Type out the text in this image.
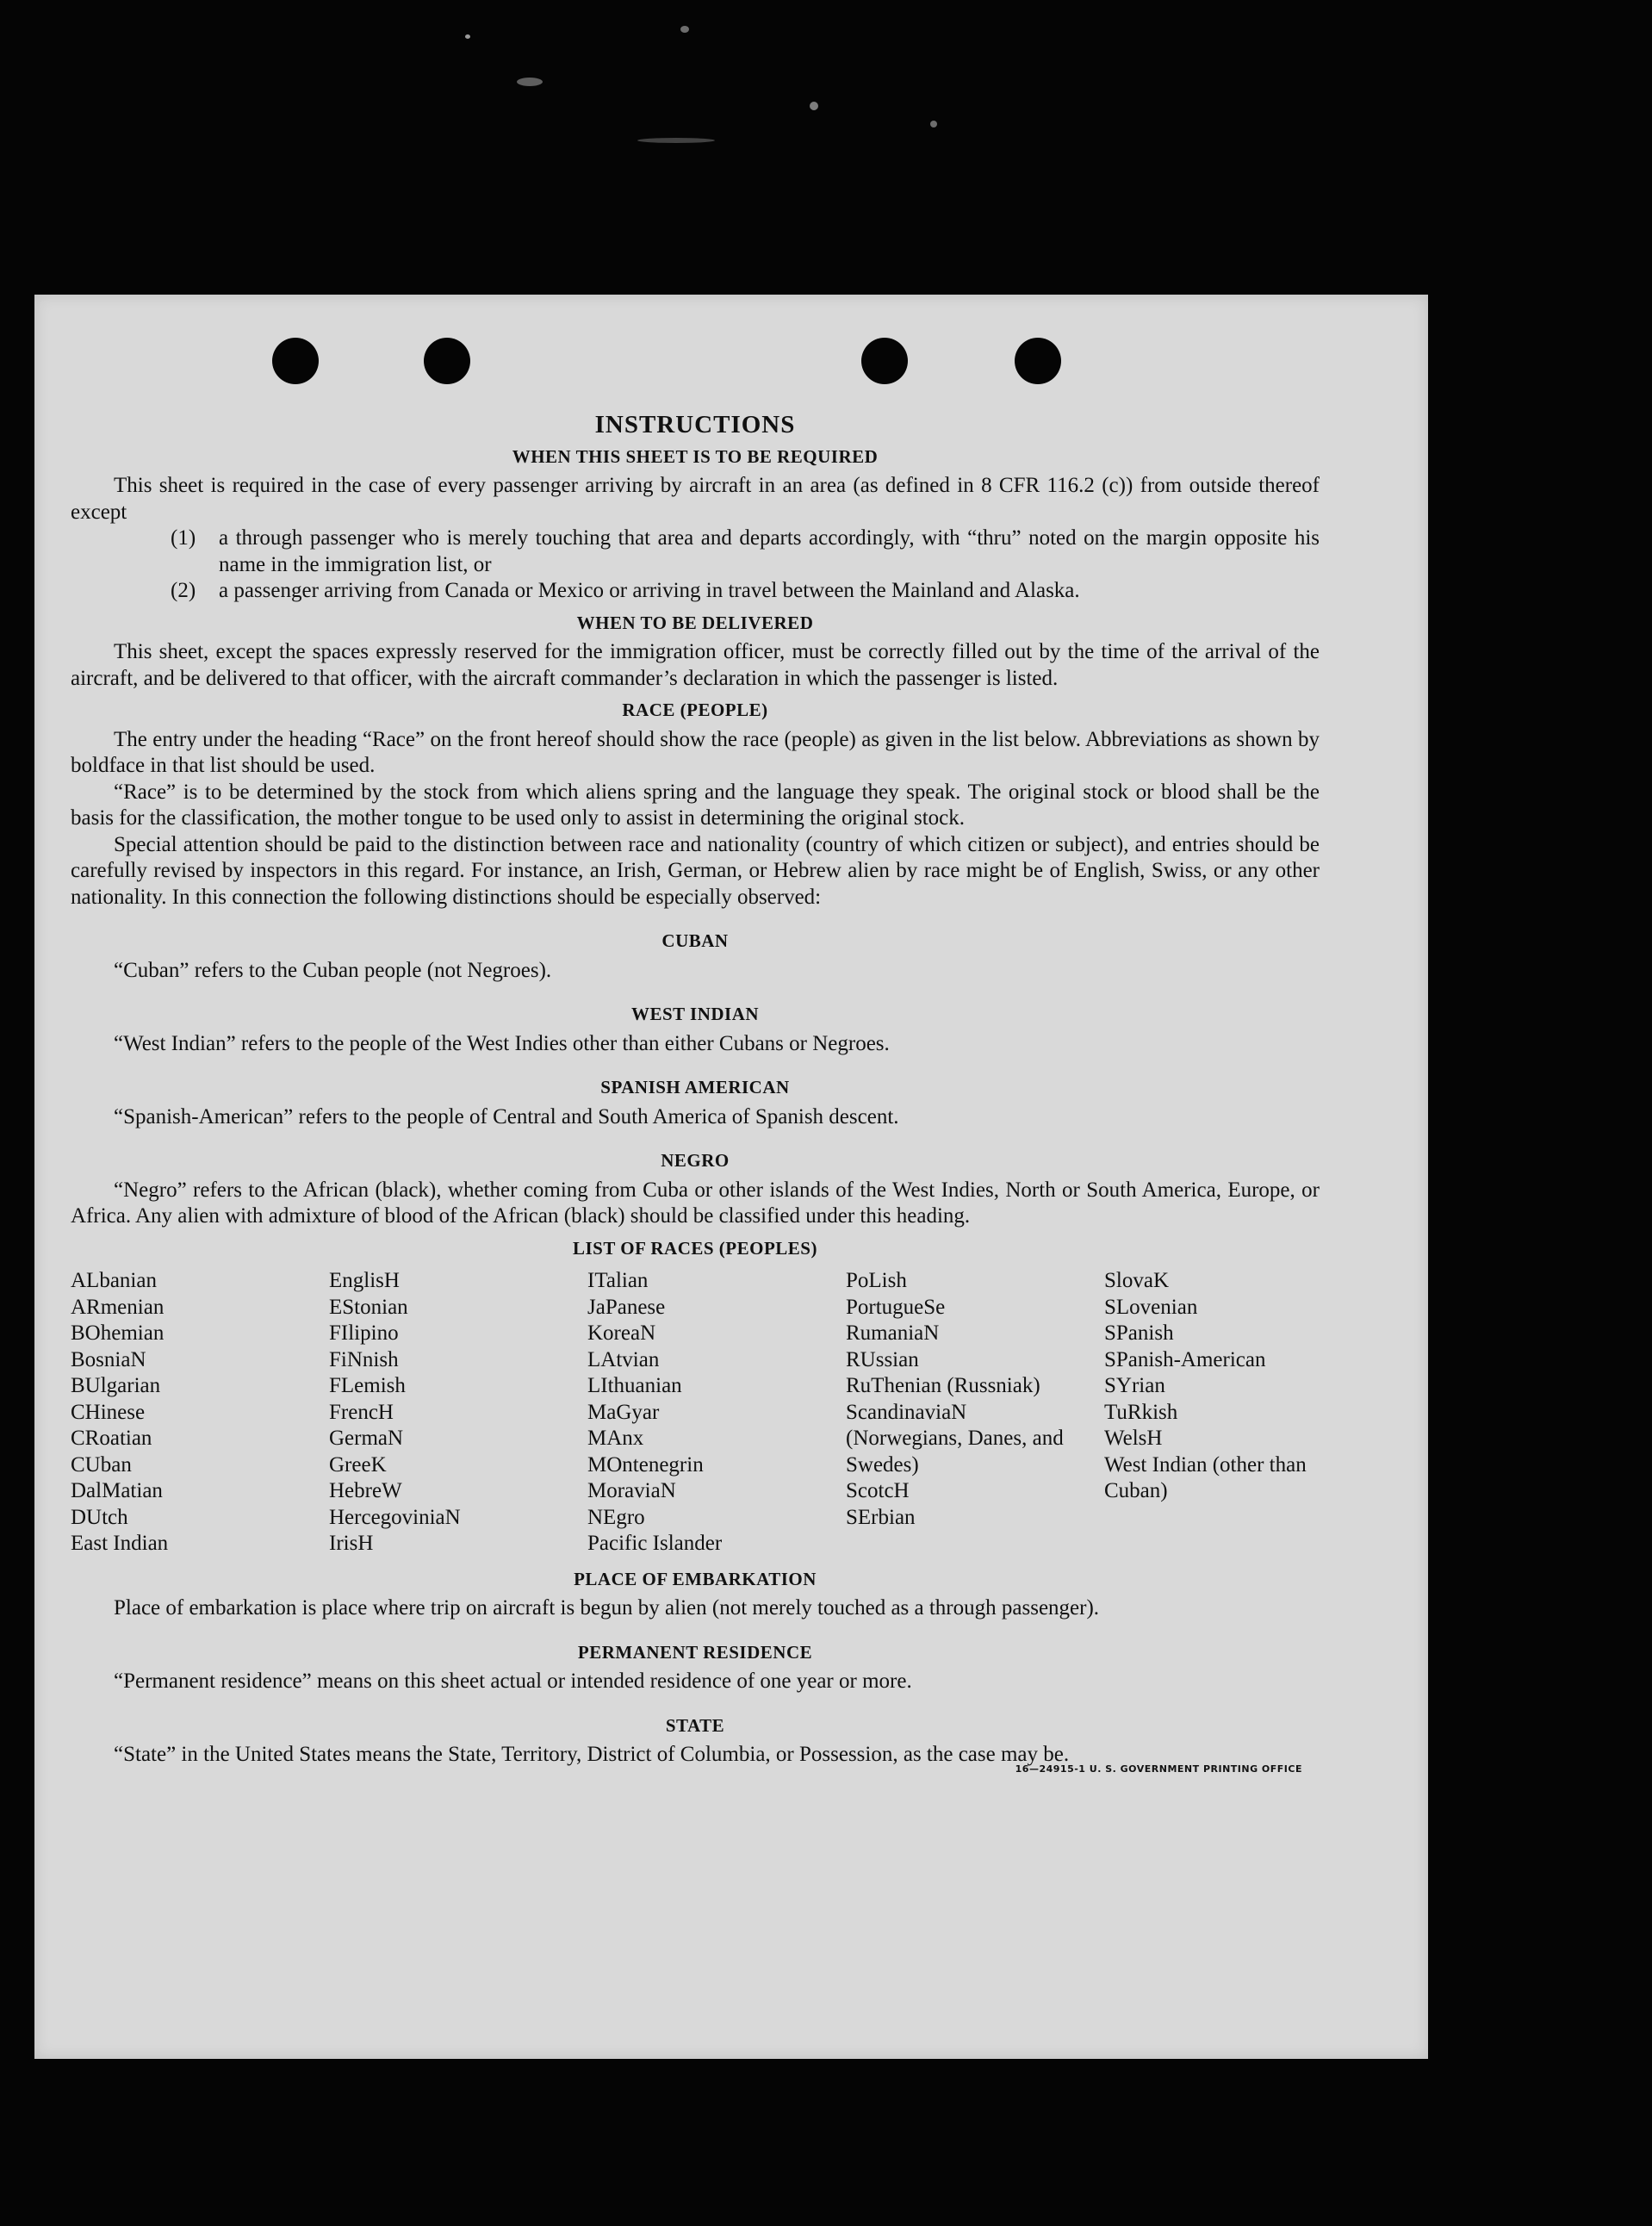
INSTRUCTIONS
WHEN THIS SHEET IS TO BE REQUIRED

This sheet is required in the case of every passenger arriving by aircraft in an area (as defined in 8 CFR 116.2 (c)) from outside thereof except

(1)	a through passenger who is merely touching that area and departs accordingly, with “thru” noted on the margin opposite his name in the immigration list, or
(2)	a passenger arriving from Canada or Mexico or arriving in travel between the Mainland and Alaska.
WHEN TO BE DELIVERED

This sheet, except the spaces expressly reserved for the immigration officer, must be correctly filled out by the time of the arrival of the aircraft, and be delivered to that officer, with the aircraft commander’s declaration in which the passenger is listed.

RACE (PEOPLE)

The entry under the heading “Race” on the front hereof should show the race (people) as given in the list below. Abbreviations as shown by boldface in that list should be used.

“Race” is to be determined by the stock from which aliens spring and the language they speak. The original stock or blood shall be the basis for the classification, the mother tongue to be used only to assist in determining the original stock.

Special attention should be paid to the distinction between race and nationality (country of which citizen or subject), and entries should be carefully revised by inspectors in this regard. For instance, an Irish, German, or Hebrew alien by race might be of English, Swiss, or any other nationality. In this connection the following distinctions should be especially observed:

CUBAN

“Cuban” refers to the Cuban people (not Negroes).

WEST INDIAN

“West Indian” refers to the people of the West Indies other than either Cubans or Negroes.

SPANISH AMERICAN

“Spanish-American” refers to the people of Central and South America of Spanish descent.

NEGRO

“Negro” refers to the African (black), whether coming from Cuba or other islands of the West Indies, North or South America, Europe, or Africa. Any alien with admixture of blood of the African (black) should be classified under this heading.

LIST OF RACES (PEOPLES)
ALbanian
ARmenian
BOhemian
BosniaN
BUlgarian
CHinese
CRoatian
CUban
DalMatian
DUtch
East Indian
EnglisH
EStonian
FIlipino
FiNnish
FLemish
FrencH
GermaN
GreeK
HebreW
HercegoviniaN
IrisH
ITalian
JaPanese
KoreaN
LAtvian
LIthuanian
MaGyar
MAnx
MOntenegrin
MoraviaN
NEgro
Pacific Islander
PoLish
PortugueSe
RumaniaN
RUssian
RuThenian (Russniak)
ScandinaviaN (Norwegians, Danes, and Swedes)
ScotcH
SErbian
SlovaK
SLovenian
SPanish
SPanish-American
SYrian
TuRkish
WelsH
West Indian (other than Cuban)
PLACE OF EMBARKATION

Place of embarkation is place where trip on aircraft is begun by alien (not merely touched as a through passenger).

PERMANENT RESIDENCE

“Permanent residence” means on this sheet actual or intended residence of one year or more.

STATE

“State” in the United States means the State, Territory, District of Columbia, or Possession, as the case may be.

16—24915-1 U. S. GOVERNMENT PRINTING OFFICE
